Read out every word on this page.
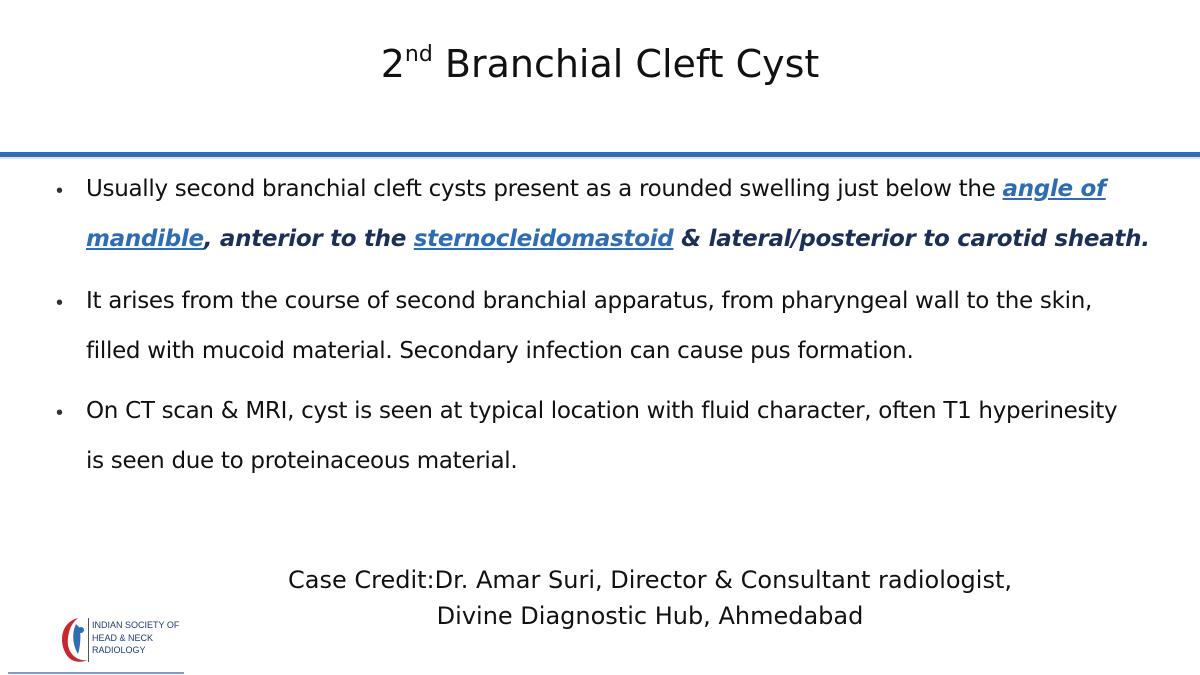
2nd Branchial Cleft Cyst
• Usually second branchial cleft cysts present as a rounded swelling just below the angle of mandible, anterior to the sternocleidomastoid & lateral/posterior to carotid sheath.
• It arises from the course of second branchial apparatus, from pharyngeal wall to the skin,
filled with mucoid material. Secondary infection can cause pus formation.
• On CT scan & MRI, cyst is seen at typical location with fluid character, often T1 hyperinesity
is seen due to proteinaceous material.
Case Credit:Dr. Amar Suri, Director & Consultant radiologist,
Divine Diagnostic Hub, Ahmedabad
INDIAN SOCIETY OF
HEAD & NECK
RADIOLOGY
